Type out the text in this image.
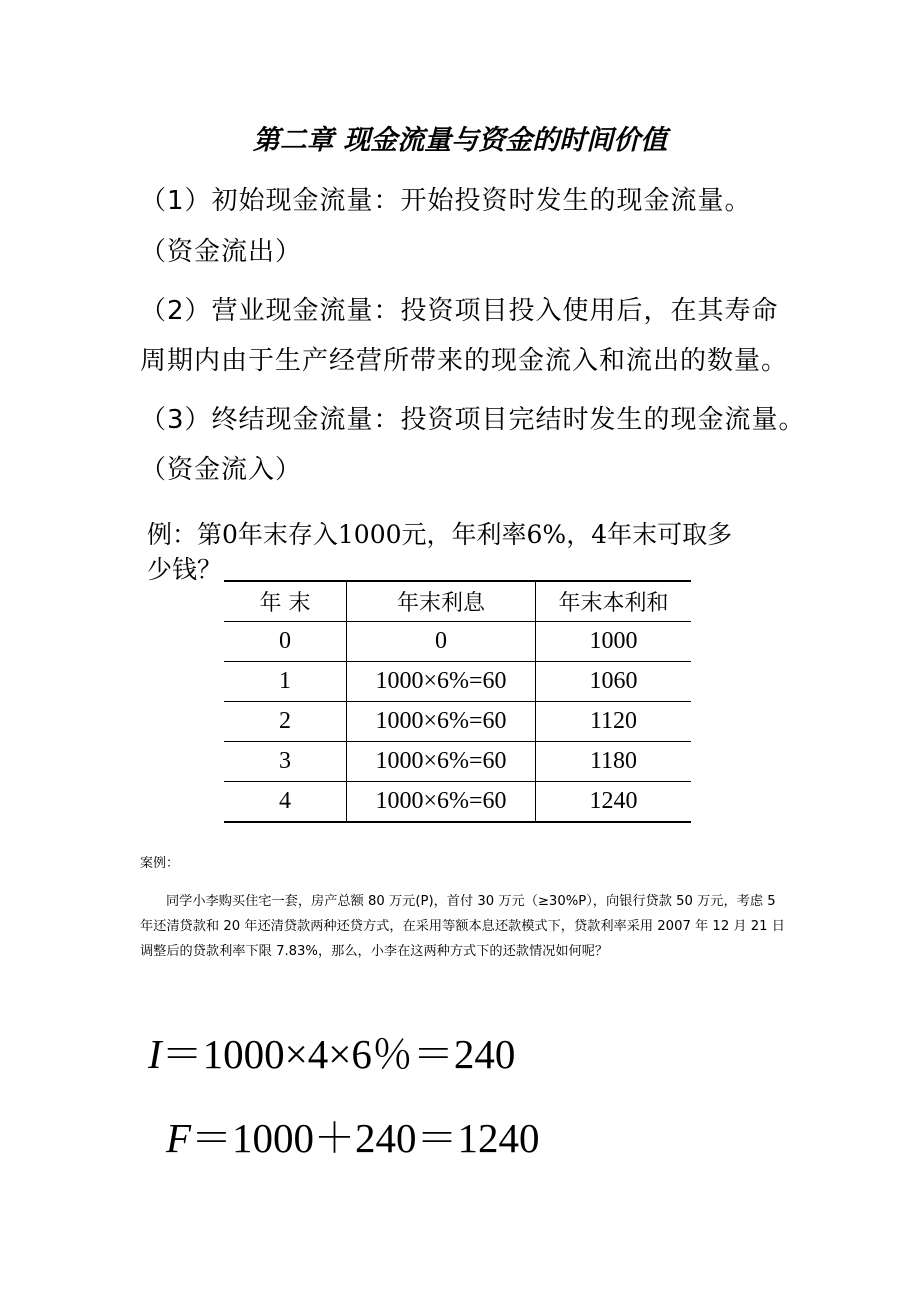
第二章 现金流量与资金的时间价值
（1）初始现金流量：开始投资时发生的现金流量。
（资金流出）
（2）营业现金流量：投资项目投入使用后，在其寿命
周期内由于生产经营所带来的现金流入和流出的数量。
（3）终结现金流量：投资项目完结时发生的现金流量。
（资金流入）
例：第0年末存入1000元，年利率6%，4年末可取多
少钱？
年 末	年末利息	年末本利和
0	0	1000
1	1000×6%=60	1060
2	1000×6%=60	1120
3	1000×6%=60	1180
4	1000×6%=60	1240
案例：
同学小李购买住宅一套，房产总额 80 万元(P)，首付 30 万元（≥30%P），向银行贷款 50 万元，考虑 5 年还清贷款和 20 年还清贷款两种还贷方式，在采用等额本息还款模式下，贷款利率采用 2007 年 12 月 21 日调整后的贷款利率下限 7.83%，那么，小李在这两种方式下的还款情况如何呢？
I＝1000×4×6％＝240
F＝1000＋240＝1240
